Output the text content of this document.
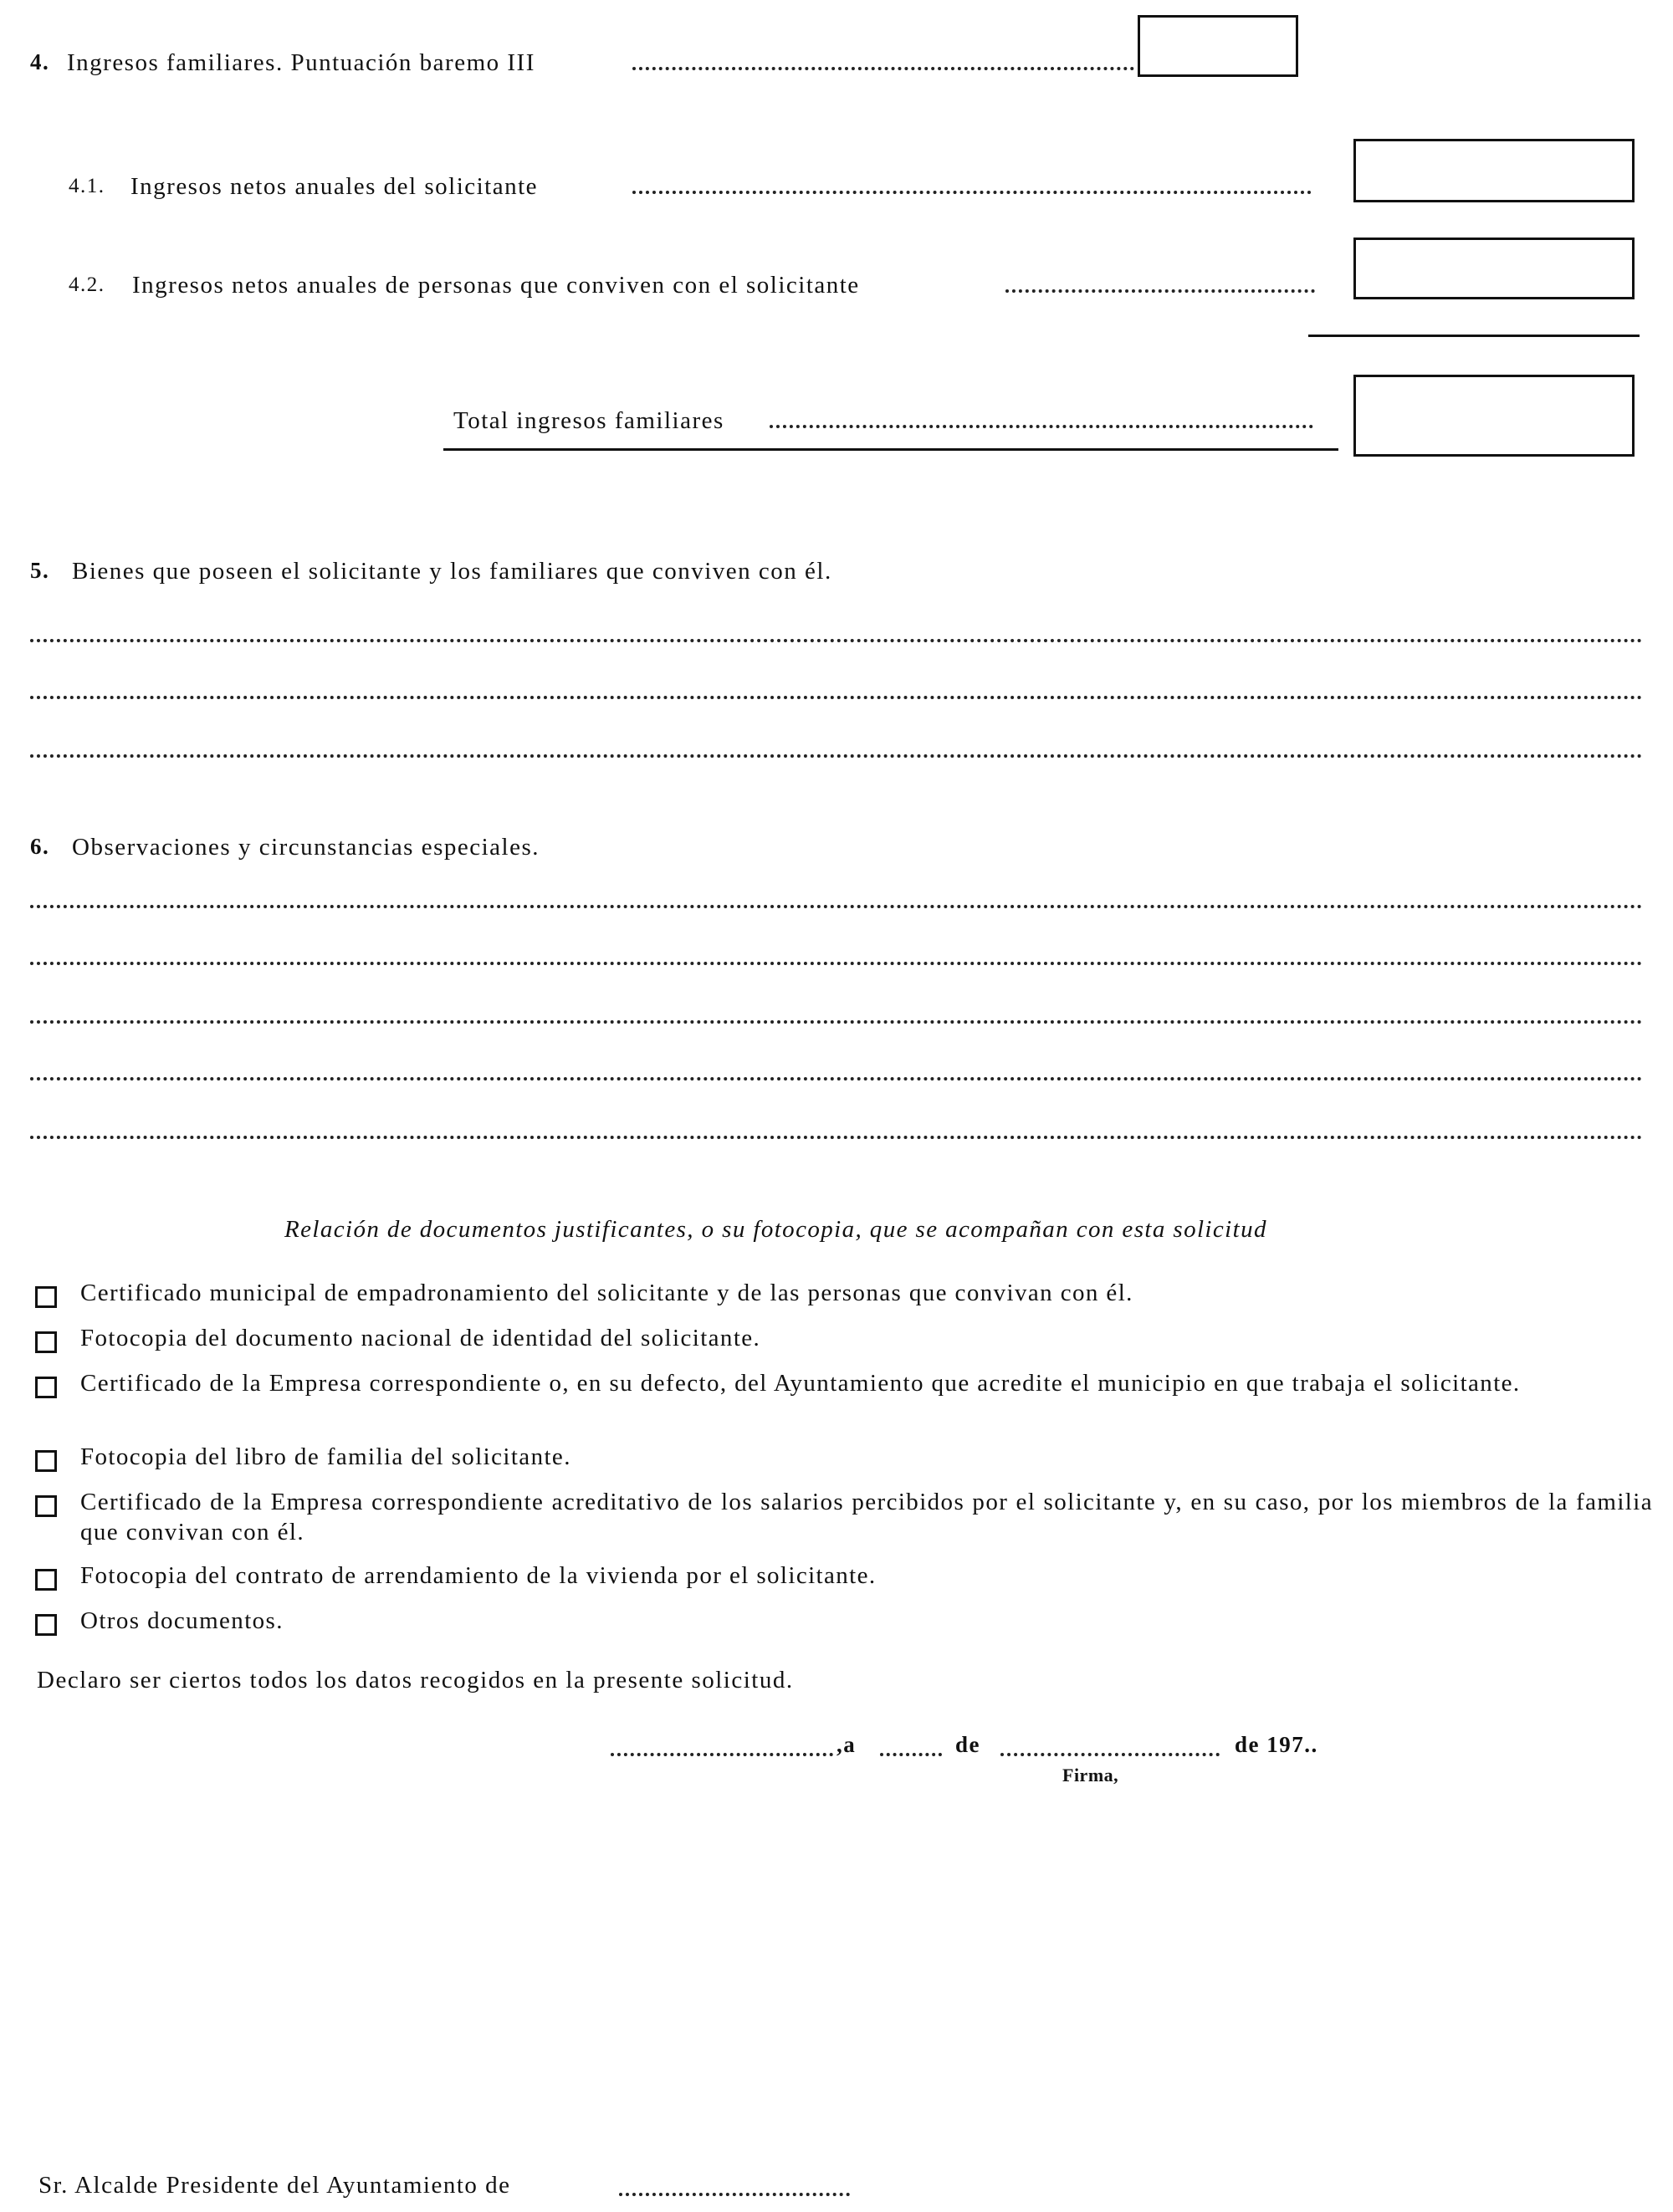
4. Ingresos familiares. Puntuación baremo III
4.1. Ingresos netos anuales del solicitante
4.2. Ingresos netos anuales de personas que conviven con el solicitante
Total ingresos familiares
5. Bienes que poseen el solicitante y los familiares que conviven con él.
6. Observaciones y circunstancias especiales.
Relación de documentos justificantes, o su fotocopia, que se acompañan con esta solicitud
Certificado municipal de empadronamiento del solicitante y de las personas que convivan con él.
Fotocopia del documento nacional de identidad del solicitante.
Certificado de la Empresa correspondiente o, en su defecto, del Ayuntamiento que acredite el municipio en que trabaja el solicitante.
Fotocopia del libro de familia del solicitante.
Certificado de la Empresa correspondiente acreditativo de los salarios percibidos por el solicitante y, en su caso, por los miembros de la familia que convivan con él.
Fotocopia del contrato de arrendamiento de la vivienda por el solicitante.
Otros documentos.
Declaro ser ciertos todos los datos recogidos en la presente solicitud.
,a	de	de 197..
Firma,
Sr. Alcalde Presidente del Ayuntamiento de
